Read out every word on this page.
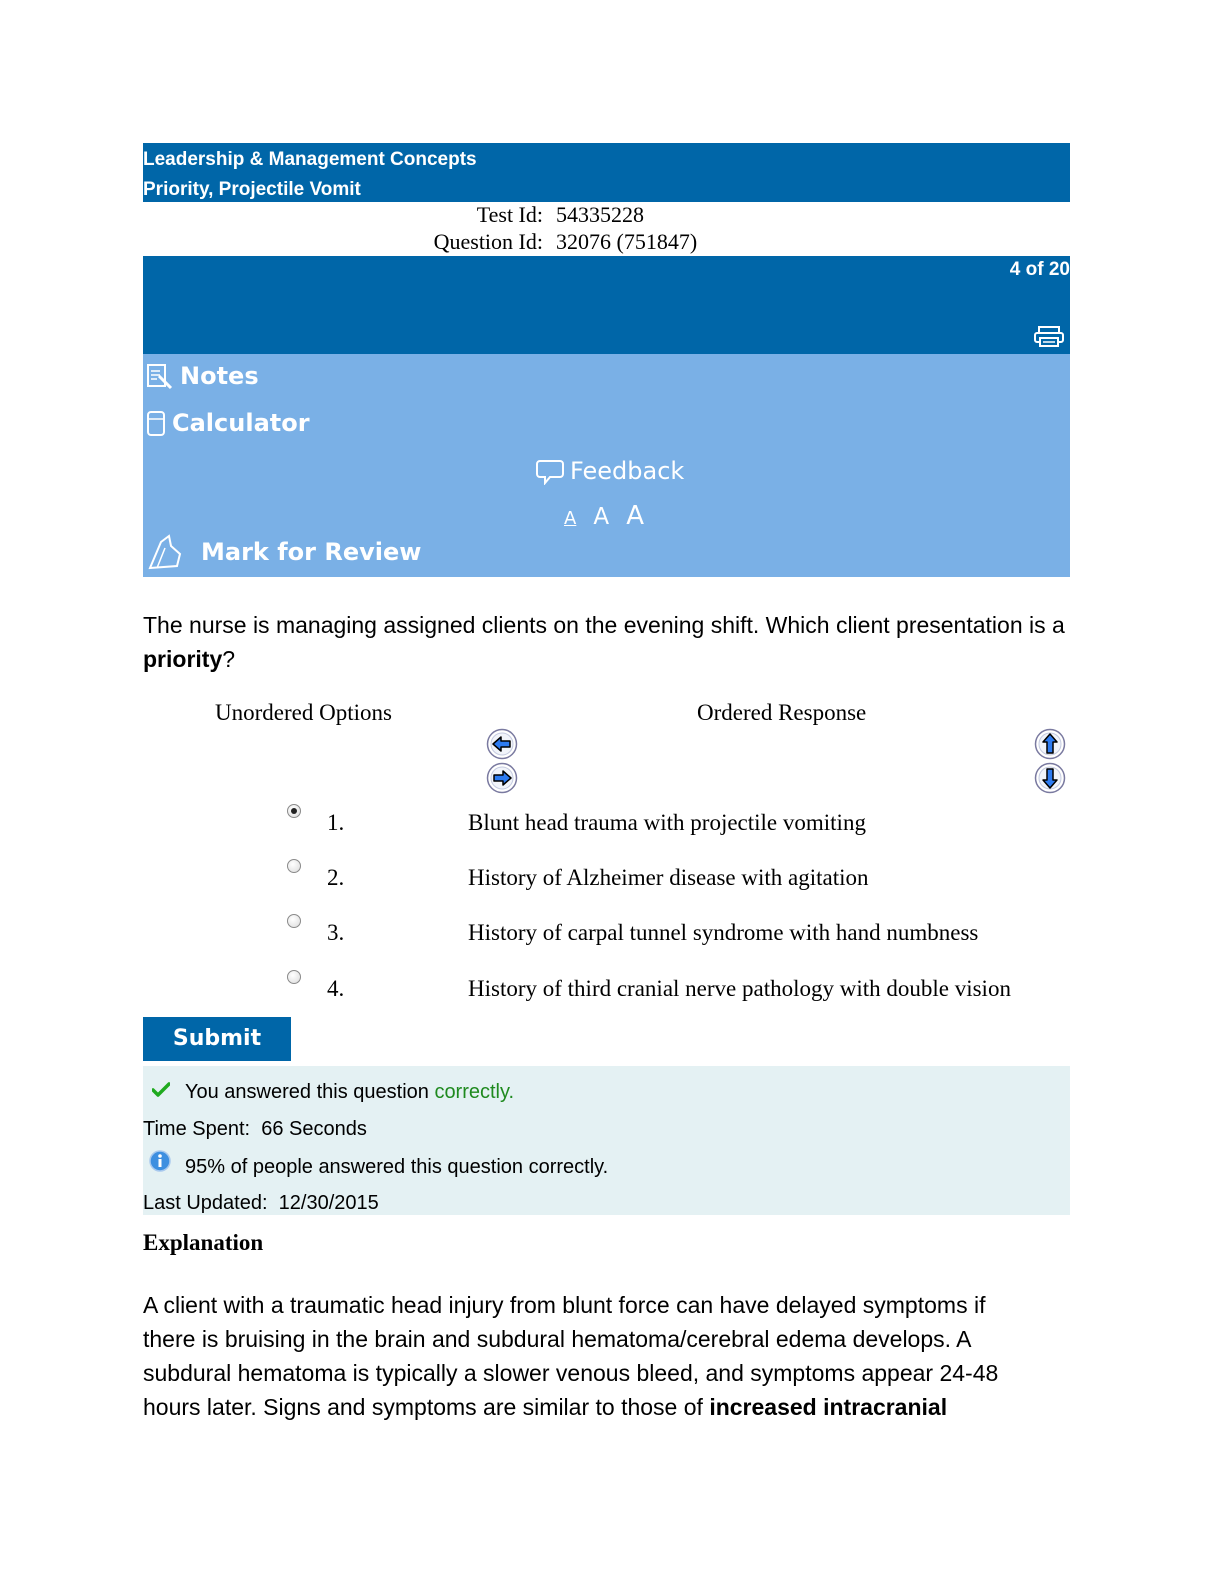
Leadership & Management Concepts
Priority, Projectile Vomit
Test Id: 54335228
Question Id: 32076 (751847)
4 of 20
Notes
Calculator
Feedback
A A A
Mark for Review
The nurse is managing assigned clients on the evening shift. Which client presentation is a priority?
Unordered Options	Ordered Response
1.	Blunt head trauma with projectile vomiting
2.	History of Alzheimer disease with agitation
3.	History of carpal tunnel syndrome with hand numbness
4.	History of third cranial nerve pathology with double vision
Submit
You answered this question correctly.
Time Spent: 66 Seconds
95% of people answered this question correctly.
Last Updated: 12/30/2015
Explanation
A client with a traumatic head injury from blunt force can have delayed symptoms if there is bruising in the brain and subdural hematoma/cerebral edema develops. A subdural hematoma is typically a slower venous bleed, and symptoms appear 24-48 hours later. Signs and symptoms are similar to those of increased intracranial
